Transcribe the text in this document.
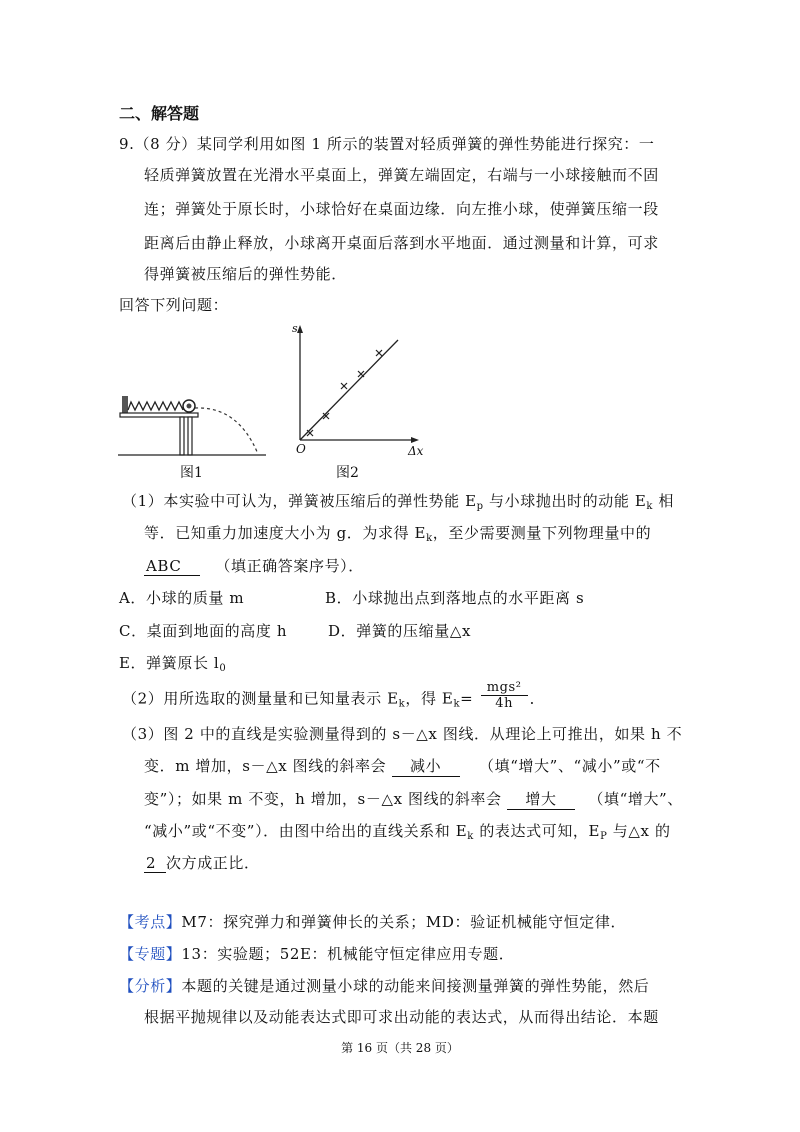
二、解答题
9.（8 分）某同学利用如图 1 所示的装置对轻质弹簧的弹性势能进行探究：一
轻质弹簧放置在光滑水平桌面上，弹簧左端固定，右端与一小球接触而不固
连；弹簧处于原长时，小球恰好在桌面边缘．向左推小球，使弹簧压缩一段
距离后由静止释放，小球离开桌面后落到水平地面．通过测量和计算，可求
得弹簧被压缩后的弹性势能．
回答下列问题：
图1
s
O	Δx
图2
（1）本实验中可认为，弹簧被压缩后的弹性势能 $E_p$ 与小球抛出时的动能 $E_k$ 相
等．已知重力加速度大小为 g．为求得 $E_k$，至少需要测量下列物理量中的
ABC （填正确答案序号）．
A．小球的质量 m	B．小球抛出点到落地点的水平距离 s
C．桌面到地面的高度 h	D．弹簧的压缩量△x
E．弹簧原长 $l_0$
（2）用所选取的测量量和已知量表示 $E_k$，得 $E_k= \frac{\text{mgs²}}{4h}$ ．
（3）图 2 中的直线是实验测量得到的 s－△x 图线．从理论上可推出，如果 h 不
变．m 增加，s－△x 图线的斜率会 减小	（填“增大”、“减小”或“不
变”）；如果 m 不变，h 增加，s－△x 图线的斜率会 增大 （填“增大”、
“减小”或“不变”）．由图中给出的直线关系和 $E_k$ 的表达式可知，$E_P$ 与△x 的
2 次方成正比．
【考点】M7：探究弹力和弹簧伸长的关系；MD：验证机械能守恒定律．
【专题】13：实验题；52E：机械能守恒定律应用专题．
【分析】本题的关键是通过测量小球的动能来间接测量弹簧的弹性势能，然后
根据平抛规律以及动能表达式即可求出动能的表达式，从而得出结论．本题
第 16 页（共 28 页）
